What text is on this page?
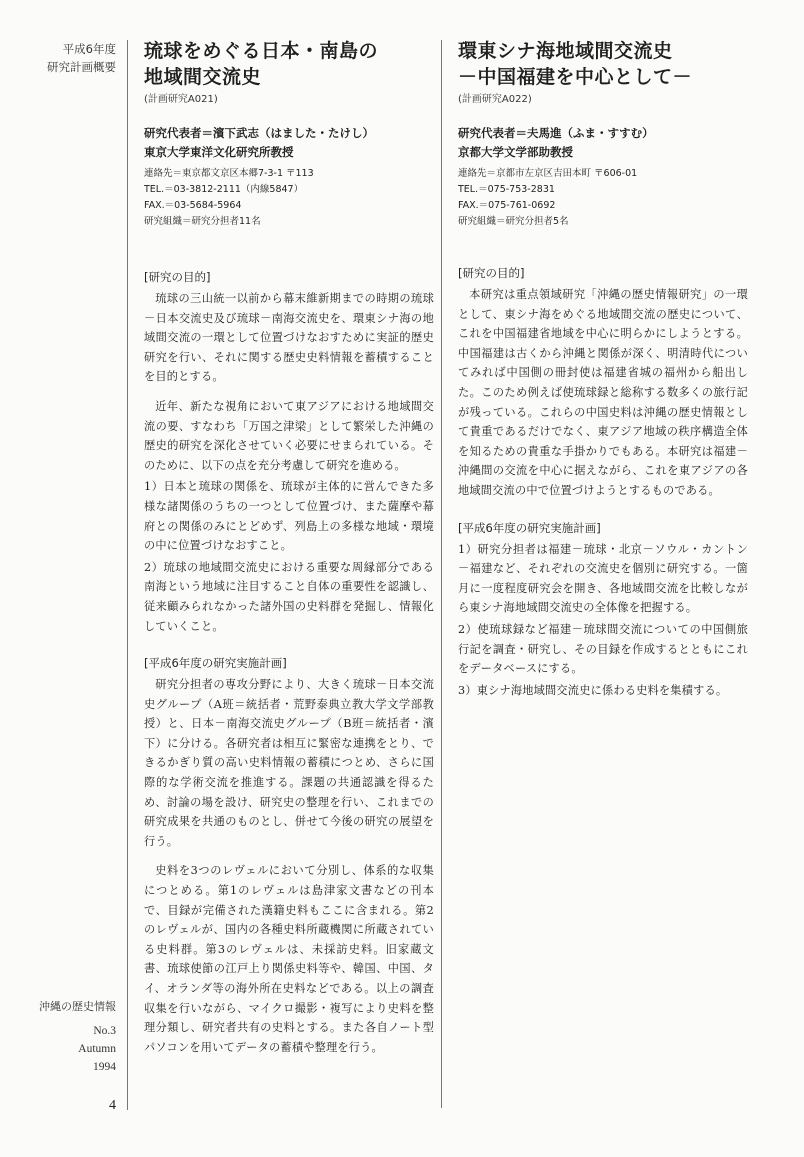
平成6年度
研究計画概要
沖縄の歴史情報
No.3
Autumn
1994
4
琉球をめぐる日本・南島の
地域間交流史
(計画研究A021)
研究代表者＝濱下武志（はました・たけし）
東京大学東洋文化研究所教授
連絡先＝東京都文京区本郷7-3-1 〒113
TEL.＝03-3812-2111（内線5847）
FAX.＝03-5684-5964
研究組織＝研究分担者11名
[研究の目的]

琉球の三山統一以前から幕末維新期までの時期の琉球－日本交流史及び琉球－南海交流史を、環東シナ海の地域間交流の一環として位置づけなおすために実証的歴史研究を行い、それに関する歴史史料情報を蓄積することを目的とする。

近年、新たな視角において東アジアにおける地域間交流の要、すなわち「万国之津梁」として繁栄した沖縄の歴史的研究を深化させていく必要にせまられている。そのために、以下の点を充分考慮して研究を進める。

1）日本と琉球の関係を、琉球が主体的に営んできた多様な諸関係のうちの一つとして位置づけ、また薩摩や幕府との関係のみにとどめず、列島上の多様な地域・環境の中に位置づけなおすこと。

2）琉球の地域間交流史における重要な周縁部分である南海という地域に注目すること自体の重要性を認識し、従来顧みられなかった諸外国の史料群を発掘し、情報化していくこと。

[平成6年度の研究実施計画]

研究分担者の専攻分野により、大きく琉球－日本交流史グループ（A班＝統括者・荒野泰典立教大学文学部教授）と、日本－南海交流史グループ（B班＝統括者・濱下）に分ける。各研究者は相互に緊密な連携をとり、できるかぎり質の高い史料情報の蓄積につとめ、さらに国際的な学術交流を推進する。課題の共通認識を得るため、討論の場を設け、研究史の整理を行い、これまでの研究成果を共通のものとし、併せて今後の研究の展望を行う。

史料を3つのレヴェルにおいて分別し、体系的な収集につとめる。第1のレヴェルは島津家文書などの刊本で、目録が完備された漢籍史料もここに含まれる。第2のレヴェルが、国内の各種史料所蔵機関に所蔵されている史料群。第3のレヴェルは、未採訪史料。旧家蔵文書、琉球使節の江戸上り関係史料等や、韓国、中国、タイ、オランダ等の海外所在史料などである。以上の調査収集を行いながら、マイクロ撮影・複写により史料を整理分類し、研究者共有の史料とする。また各自ノート型パソコンを用いてデータの蓄積や整理を行う。

環東シナ海地域間交流史
－中国福建を中心として－
(計画研究A022)
研究代表者＝夫馬進（ふま・すすむ）
京都大学文学部助教授
連絡先＝京都市左京区吉田本町 〒606-01
TEL.＝075-753-2831
FAX.＝075-761-0692
研究組織＝研究分担者5名
[研究の目的]

本研究は重点領域研究「沖縄の歴史情報研究」の一環として、東シナ海をめぐる地域間交流の歴史について、これを中国福建省地域を中心に明らかにしようとする。中国福建は古くから沖縄と関係が深く、明清時代についてみれば中国側の冊封使は福建省城の福州から船出した。このため例えば使琉球録と総称する数多くの旅行記が残っている。これらの中国史料は沖縄の歴史情報として貴重であるだけでなく、東アジア地域の秩序構造全体を知るための貴重な手掛かりでもある。本研究は福建－沖縄間の交流を中心に据えながら、これを東アジアの各地域間交流の中で位置づけようとするものである。

[平成6年度の研究実施計画]

1）研究分担者は福建－琉球・北京－ソウル・カントン－福建など、それぞれの交流史を個別に研究する。一箇月に一度程度研究会を開き、各地域間交流を比較しながら東シナ海地域間交流史の全体像を把握する。

2）使琉球録など福建－琉球間交流についての中国側旅行記を調査・研究し、その目録を作成するとともにこれをデータベースにする。

3）東シナ海地域間交流史に係わる史料を集積する。
